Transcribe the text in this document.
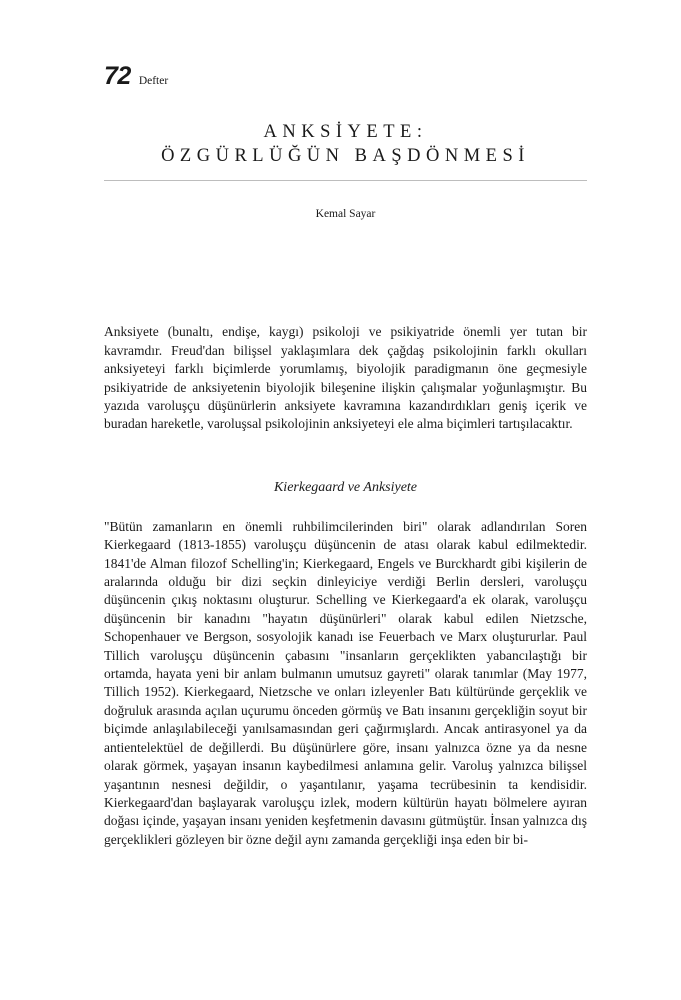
72 Defter
ANKSİYETE:
ÖZGÜRLÜĞÜN BAŞDÖNMESİ
Kemal Sayar

Anksiyete (bunaltı, endişe, kaygı) psikoloji ve psikiyatride önemli yer tutan bir kavramdır. Freud'dan bilişsel yaklaşımlara dek çağdaş psikolojinin farklı okulları anksiyeteyi farklı biçimlerde yorumlamış, biyolojik paradigmanın öne geçmesiyle psikiyatride de anksiyetenin biyolojik bileşenine ilişkin çalışmalar yoğunlaşmıştır. Bu yazıda varoluşçu düşünürlerin anksiyete kavramına kazandırdıkları geniş içerik ve buradan hareketle, varoluşsal psikolojinin anksiyeteyi ele alma biçimleri tartışılacaktır.

Kierkegaard ve Anksiyete

"Bütün zamanların en önemli ruhbilimcilerinden biri" olarak adlandırılan Soren Kierkegaard (1813-1855) varoluşçu düşüncenin de atası olarak kabul edilmektedir. 1841'de Alman filozof Schelling'in; Kierkegaard, Engels ve Burckhardt gibi kişilerin de aralarında olduğu bir dizi seçkin dinleyiciye verdiği Berlin dersleri, varoluşçu düşüncenin çıkış noktasını oluşturur. Schelling ve Kierkegaard'a ek olarak, varoluşçu düşüncenin bir kanadını "hayatın düşünürleri" olarak kabul edilen Nietzsche, Schopenhauer ve Bergson, sosyolojik kanadı ise Feuerbach ve Marx oluştururlar. Paul Tillich varoluşçu düşüncenin çabasını "insanların gerçeklikten yabancılaştığı bir ortamda, hayata yeni bir anlam bulmanın umutsuz gayreti" olarak tanımlar (May 1977, Tillich 1952). Kierkegaard, Nietzsche ve onları izleyenler Batı kültüründe gerçeklik ve doğruluk arasında açılan uçurumu önceden görmüş ve Batı insanını gerçekliğin soyut bir biçimde anlaşılabileceği yanılsamasından geri çağırmışlardı. Ancak antirasyonel ya da antientelektüel de değillerdi. Bu düşünürlere göre, insanı yalnızca özne ya da nesne olarak görmek, yaşayan insanın kaybedilmesi anlamına gelir. Varoluş yalnızca bilişsel yaşantının nesnesi değildir, o yaşantılanır, yaşama tecrübesinin ta kendisidir. Kierkegaard'dan başlayarak varoluşçu izlek, modern kültürün hayatı bölmelere ayıran doğası içinde, yaşayan insanı yeniden keşfetmenin davasını gütmüştür. İnsan yalnızca dış gerçeklikleri gözleyen bir özne değil aynı zamanda gerçekliği inşa eden bir bi-
